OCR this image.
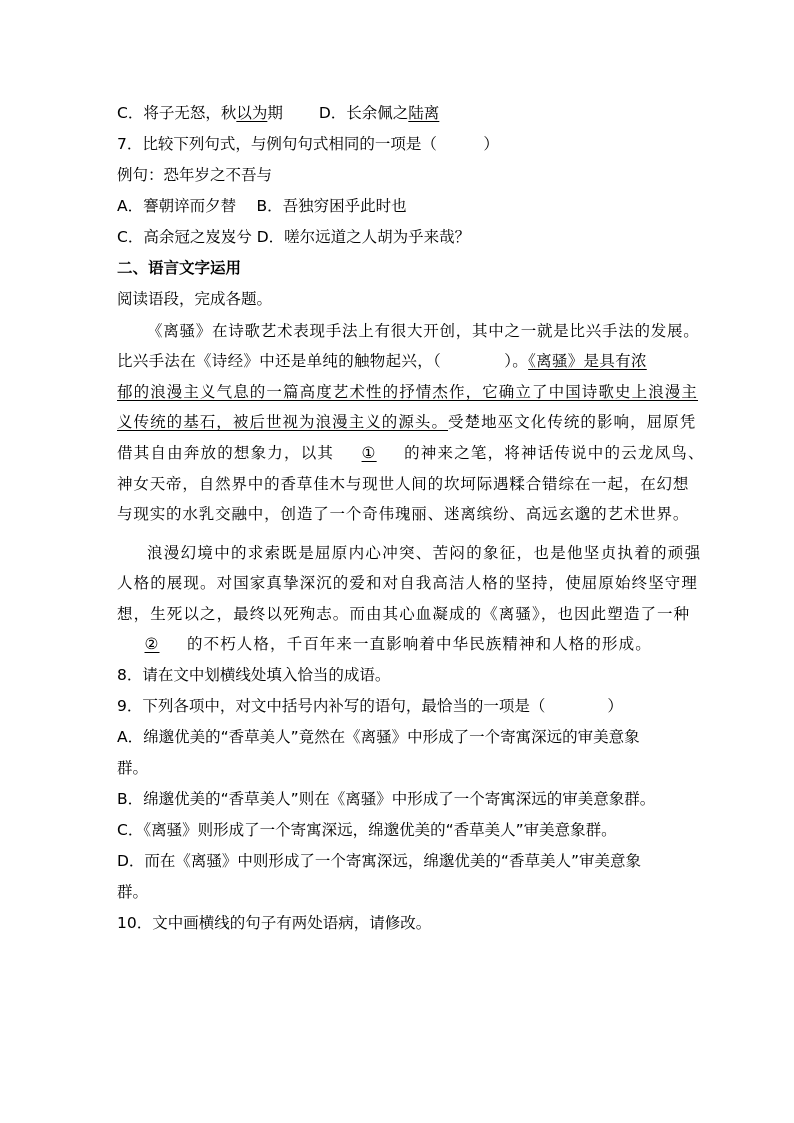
C．将子无怒，秋以为期 D．长余佩之陆离
7．比较下列句式，与例句句式相同的一项是（　　　）
例句：恐年岁之不吾与
A．謇朝谇而夕替　 B．吾独穷困乎此时也
C．高余冠之岌岌兮 D．嗟尔远道之人胡为乎来哉？
二、语言文字运用
阅读语段，完成各题。
《离骚》在诗歌艺术表现手法上有很大开创，其中之一就是比兴手法的发展。
比兴手法在《诗经》中还是单纯的触物起兴，（　　　　）。《离骚》是具有浓
郁的浪漫主义气息的一篇高度艺术性的抒情杰作，它确立了中国诗歌史上浪漫主
义传统的基石，被后世视为浪漫主义的源头。受楚地巫文化传统的影响，屈原凭
借其自由奔放的想象力，以其 ① 的神来之笔，将神话传说中的云龙凤鸟、
神女天帝，自然界中的香草佳木与现世人间的坎坷际遇糅合错综在一起，在幻想
与现实的水乳交融中，创造了一个奇伟瑰丽、迷离缤纷、高远玄邈的艺术世界。
浪漫幻境中的求索既是屈原内心冲突、苦闷的象征，也是他坚贞执着的顽强
人格的展现。对国家真挚深沉的爱和对自我高洁人格的坚持，使屈原始终坚守理
想，生死以之，最终以死殉志。而由其心血凝成的《离骚》，也因此塑造了一种
② 的不朽人格，千百年来一直影响着中华民族精神和人格的形成。
8．请在文中划横线处填入恰当的成语。
9．下列各项中，对文中括号内补写的语句，最恰当的一项是（　　　　）
A．绵邈优美的“香草美人”竟然在《离骚》中形成了一个寄寓深远的审美意象
群。
B．绵邈优美的“香草美人”则在《离骚》中形成了一个寄寓深远的审美意象群。
C．《离骚》则形成了一个寄寓深远，绵邈优美的“香草美人”审美意象群。
D．而在《离骚》中则形成了一个寄寓深远，绵邈优美的“香草美人”审美意象
群。
10．文中画横线的句子有两处语病，请修改。
